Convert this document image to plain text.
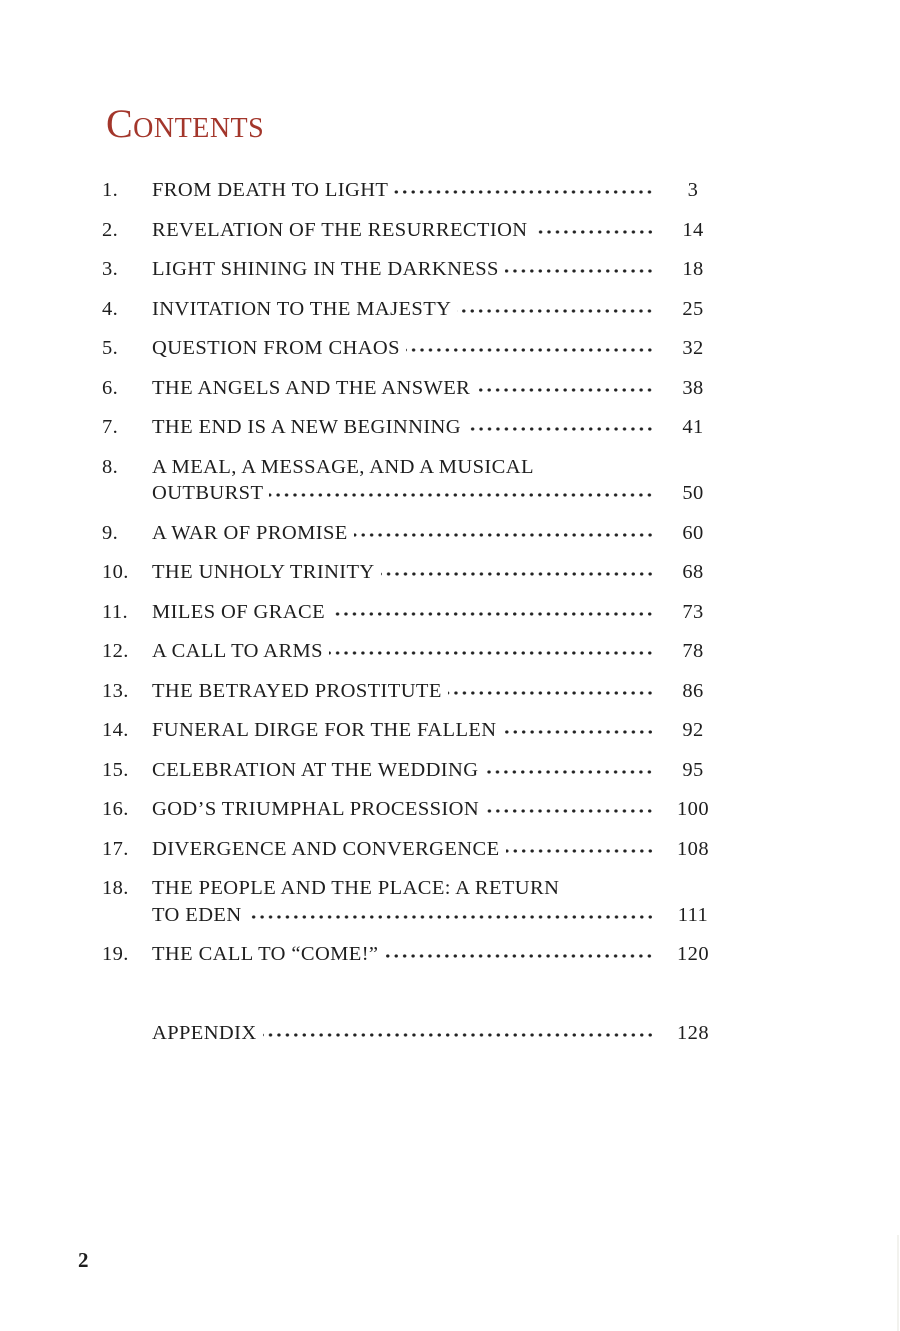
Contents
1. FROM DEATH TO LIGHT	3
2. REVELATION OF THE RESURRECTION	14
3. LIGHT SHINING IN THE DARKNESS	18
4. INVITATION TO THE MAJESTY	25
5. QUESTION FROM CHAOS	32
6. THE ANGELS AND THE ANSWER	38
7. THE END IS A NEW BEGINNING	41
8. A MEAL, A MESSAGE, AND A MUSICAL
OUTBURST	50
9. A WAR OF PROMISE	60
10. THE UNHOLY TRINITY	68
11. MILES OF GRACE	73
12. A CALL TO ARMS	78
13. THE BETRAYED PROSTITUTE	86
14. FUNERAL DIRGE FOR THE FALLEN	92
15. CELEBRATION AT THE WEDDING	95
16. GOD’S TRIUMPHAL PROCESSION	100
17. DIVERGENCE AND CONVERGENCE	108
18. THE PEOPLE AND THE PLACE: A RETURN
TO EDEN	111
19. THE CALL TO “COME!”	120
APPENDIX	128
2
